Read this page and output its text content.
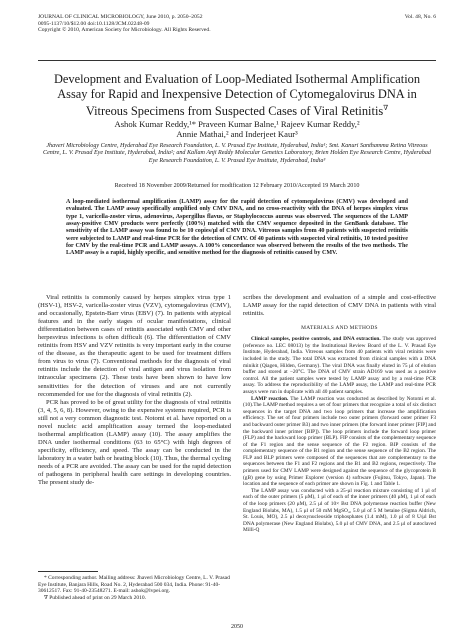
JOURNAL OF CLINICAL MICROBIOLOGY, June 2010, p. 2050–2052
0095-1137/10/$12.00 doi:10.1128/JCM.02248-09
Copyright © 2010, American Society for Microbiology. All Rights Reserved.
Vol. 48, No. 6
Development and Evaluation of Loop-Mediated Isothermal Amplification Assay for Rapid and Inexpensive Detection of Cytomegalovirus DNA in Vitreous Specimens from Suspected Cases of Viral Retinitis∇
Ashok Kumar Reddy,¹* Praveen Kumar Balne,¹ Rajeev Kumar Reddy,²
Annie Mathai,² and Inderjeet Kaur³
Jhaveri Microbiology Centre, Hyderabad Eye Research Foundation, L. V. Prasad Eye Institute, Hyderabad, India¹; Smt. Kanuri Santhamma Retina Vitreous Centre, L. V. Prasad Eye Institute, Hyderabad, India²; and Kallam Anji Reddy Molecular Genetics Laboratory, Brien Holden Eye Research Centre, Hyderabad Eye Research Foundation, L. V. Prasad Eye Institute, Hyderabad, India³
Received 18 November 2009/Returned for modification 12 February 2010/Accepted 19 March 2010
A loop-mediated isothermal amplification (LAMP) assay for the rapid detection of cytomegalovirus (CMV) was developed and evaluated. The LAMP assay specifically amplified only CMV DNA, and no cross-reactivity with the DNA of herpes simplex virus type 1, varicella-zoster virus, adenovirus, Aspergillus flavus, or Staphylococcus aureus was observed. The sequences of the LAMP assay-positive CMV products were perfectly (100%) matched with the CMV sequence deposited in the GenBank database. The sensitivity of the LAMP assay was found to be 10 copies/μl of CMV DNA. Vitreous samples from 40 patients with suspected retinitis were subjected to LAMP and real-time PCR for the detection of CMV. Of 40 patients with suspected viral retinitis, 10 tested positive for CMV by the real-time PCR and LAMP assays. A 100% concordance was observed between the results of the two methods. The LAMP assay is a rapid, highly specific, and sensitive method for the diagnosis of retinitis caused by CMV.

Viral retinitis is commonly caused by herpes simplex virus type 1 (HSV-1), HSV-2, varicella-zoster virus (VZV), cytomegalovirus (CMV), and occasionally, Epstein-Barr virus (EBV) (7). In patients with atypical features and in the early stages of ocular manifestations, clinical differentiation between cases of retinitis associated with CMV and other herpesvirus infections is often difficult (6). The differentiation of CMV retinitis from HSV and VZV retinitis is very important early in the course of the disease, as the therapeutic agent to be used for treatment differs from virus to virus (7). Conventional methods for the diagnosis of viral retinitis include the detection of viral antigen and virus isolation from intraocular specimens (2). These tests have been shown to have low sensitivities for the detection of viruses and are not currently recommended for use for the diagnosis of viral retinitis (2).

PCR has proved to be of great utility for the diagnosis of viral retinitis (3, 4, 5, 6, 8). However, owing to the expensive systems required, PCR is still not a very common diagnostic test. Notomi et al. have reported on a novel nucleic acid amplification assay termed the loop-mediated isothermal amplification (LAMP) assay (10). The assay amplifies the DNA under isothermal conditions (63 to 65°C) with high degrees of specificity, efficiency, and speed. The assay can be conducted in the laboratory in a water bath or heating block (10). Thus, the thermal cycling needs of a PCR are avoided. The assay can be used for the rapid detection of pathogens in peripheral health care settings in developing countries. The present study de-

scribes the development and evaluation of a simple and cost-effective LAMP assay for the rapid detection of CMV DNA in patients with viral retinitis.

MATERIALS AND METHODS

Clinical samples, positive controls, and DNA extraction. The study was approved (reference no. LEC 08013) by the Institutional Review Board of the L. V. Prasad Eye Institute, Hyderabad, India. Vitreous samples from 40 patients with viral retinitis were included in the study. The total DNA was extracted from clinical samples with a DNA minikit (Qiagen, Hilden, Germany). The viral DNA was finally eluted in 75 μl of elution buffer and stored at −20°C. The DNA of CMV strain AD169 was used as a positive control. All the patient samples were tested by LAMP assay and by a real-time PCR assay. To address the reproducibility of the LAMP assay, the LAMP and real-time PCR assays were run in duplicate with all 40 patient samples.

LAMP reaction. The LAMP reaction was conducted as described by Notomi et al. (10).The LAMP method requires a set of four primers that recognize a total of six distinct sequences in the target DNA and two loop primers that increase the amplification efficiency. The set of four primers include two outer primers (forward outer primer F3 and backward outer primer B3) and two inner primers (the forward inner primer [FIP] and the backward inner primer [BIP]). The loop primers include the forward loop primer (FLP) and the backward loop primer (BLP). FIP consists of the complementary sequence of the F1 region and the sense sequence of the F2 region. BIP consists of the complementary sequence of the B1 region and the sense sequence of the B2 region. The FLP and BLP primers were composed of the sequences that are complementary to the sequences between the F1 and F2 regions and the B1 and B2 regions, respectively. The primers used for CMV LAMP were designed against the sequence of the glycoprotein B (gB) gene by using Primer Explorer (version 4) software (Fujitsu, Tokyo, Japan). The location and the sequence of each primer are shown in Fig. 1 and Table 1.

The LAMP assay was conducted with a 25-μl reaction mixture consisting of 1 μl of each of the outer primers (5 μM), 1 μl of each of the inner primers (40 μM), 1 μl of each of the loop primers (20 μM), 2.5 μl of 10× Bst DNA polymerase reaction buffer (New England Biolabs, MA), 1.5 μl of 50 mM MgSO₄, 5.0 μl of 5 M betaine (Sigma Aldrich, St. Louis, MO), 2.5 μl deoxynucleoside triphosphates (1.4 mM), 1.0 μl of 8 U/μl Bst DNA polymerase (New England Biolabs), 5.0 μl of CMV DNA, and 2.5 μl of autoclaved Milli-Q

* Corresponding author. Mailing address: Jhaveri Microbiology Centre, L. V. Prasad Eye Institute, Banjara Hills, Road No. 2, Hyderabad 500 034, India. Phone: 91-40-30612517. Fax: 91-40-23548271. E-mail: ashok@lvpei.org.

∇ Published ahead of print on 29 March 2010.

2050
